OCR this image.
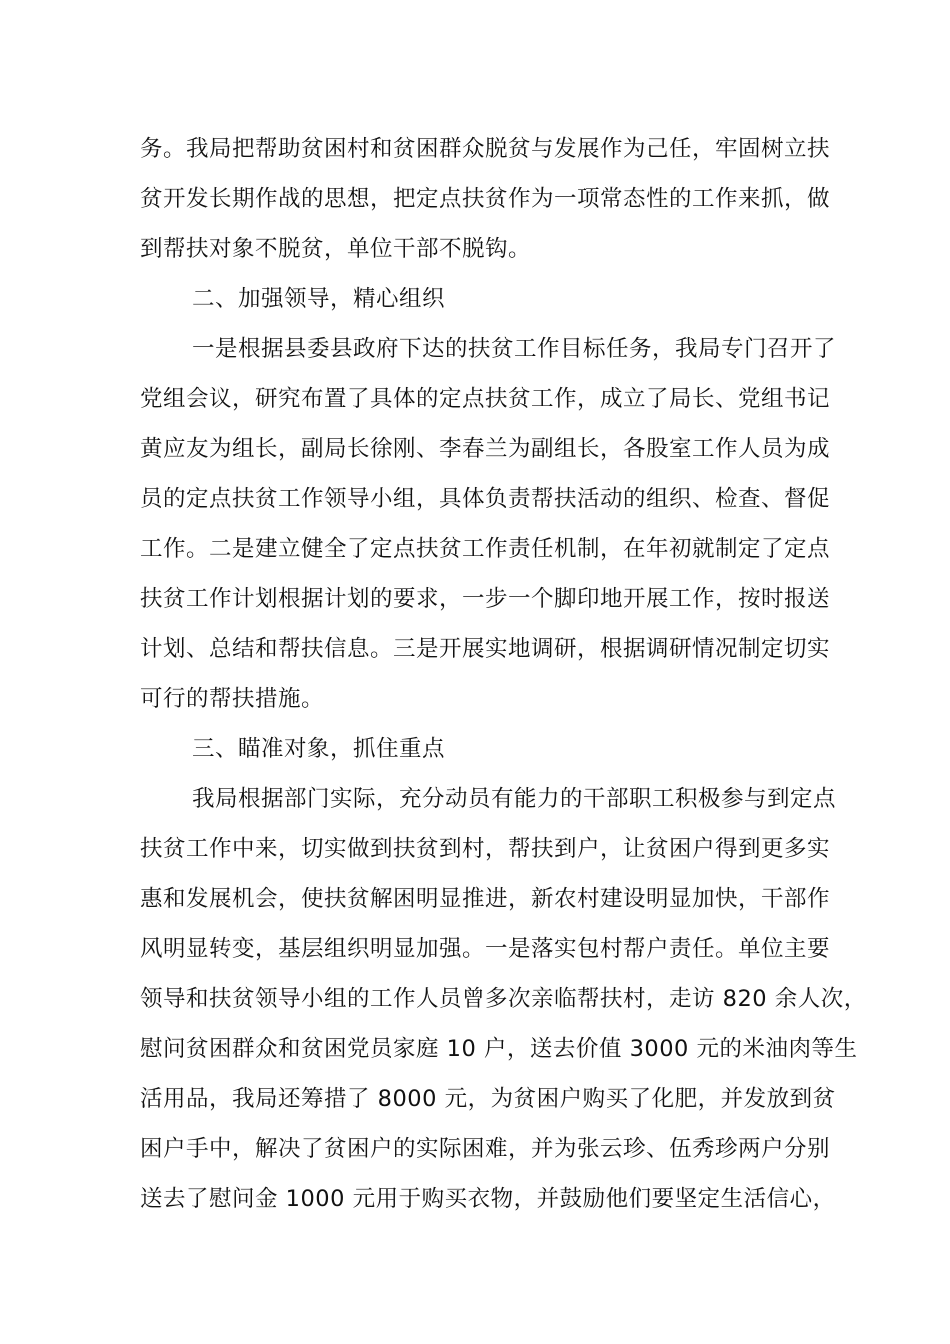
务。我局把帮助贫困村和贫困群众脱贫与发展作为己任，牢固树立扶
贫开发长期作战的思想，把定点扶贫作为一项常态性的工作来抓，做
到帮扶对象不脱贫，单位干部不脱钩。
二、加强领导，精心组织
一是根据县委县政府下达的扶贫工作目标任务，我局专门召开了
党组会议，研究布置了具体的定点扶贫工作，成立了局长、党组书记
黄应友为组长，副局长徐刚、李春兰为副组长，各股室工作人员为成
员的定点扶贫工作领导小组，具体负责帮扶活动的组织、检查、督促
工作。二是建立健全了定点扶贫工作责任机制，在年初就制定了定点
扶贫工作计划根据计划的要求，一步一个脚印地开展工作，按时报送
计划、总结和帮扶信息。三是开展实地调研，根据调研情况制定切实
可行的帮扶措施。
三、瞄准对象，抓住重点
我局根据部门实际，充分动员有能力的干部职工积极参与到定点
扶贫工作中来，切实做到扶贫到村，帮扶到户，让贫困户得到更多实
惠和发展机会，使扶贫解困明显推进，新农村建设明显加快，干部作
风明显转变，基层组织明显加强。一是落实包村帮户责任。单位主要
领导和扶贫领导小组的工作人员曾多次亲临帮扶村，走访 820 余人次，
慰问贫困群众和贫困党员家庭 10 户，送去价值 3000 元的米油肉等生
活用品，我局还筹措了 8000 元，为贫困户购买了化肥，并发放到贫
困户手中，解决了贫困户的实际困难，并为张云珍、伍秀珍两户分别
送去了慰问金 1000 元用于购买衣物，并鼓励他们要坚定生活信心，
